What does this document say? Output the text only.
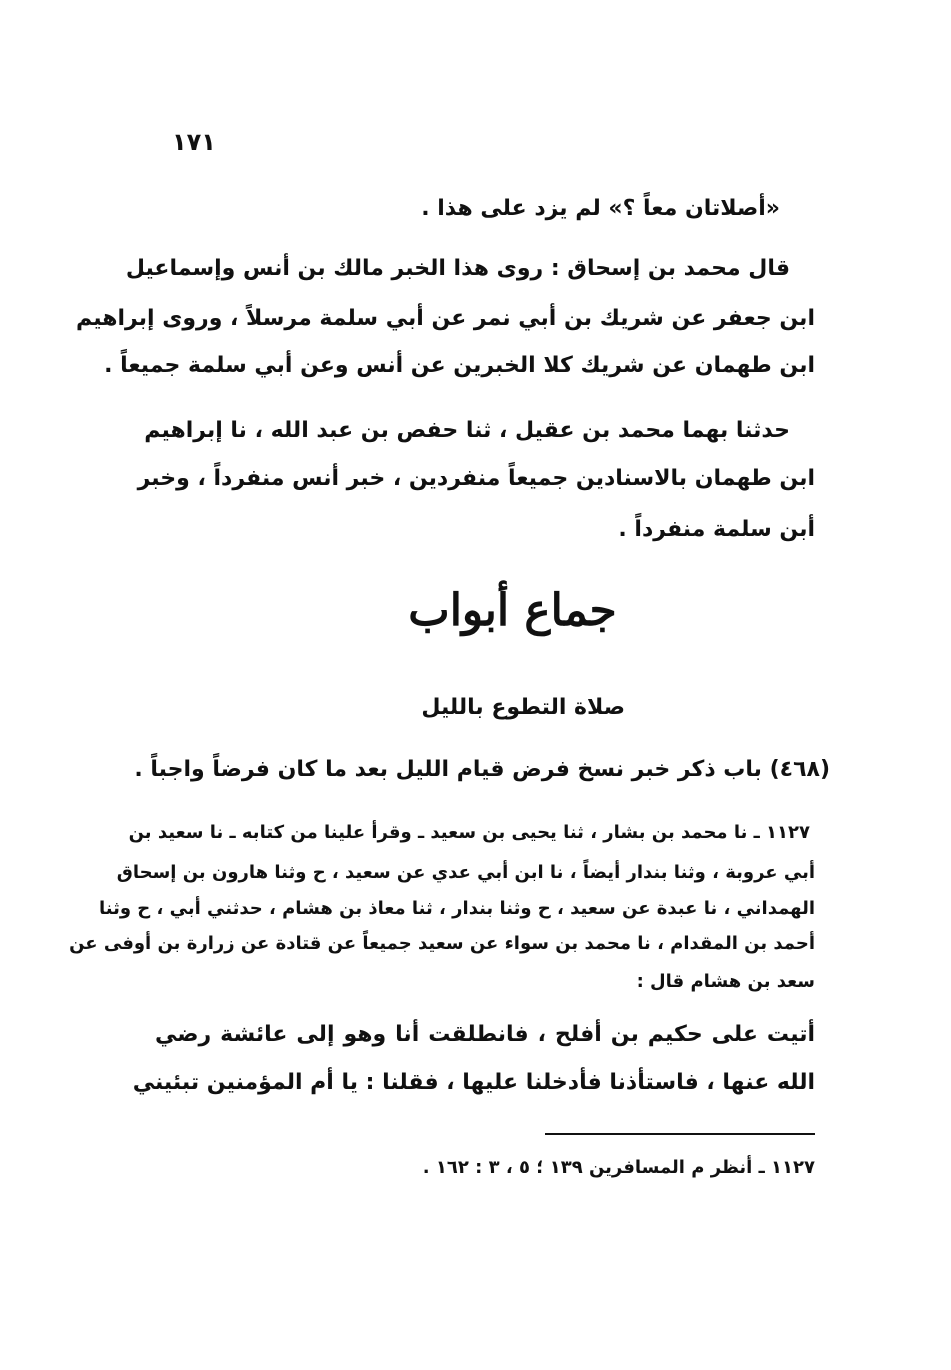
١٧١
«أصلاتان معاً ؟» لم يزد على هذا .
قال محمد بن إسحاق : روى هذا الخبر مالك بن أنس وإسماعيل
ابن جعفر عن شريك بن أبي نمر عن أبي سلمة مرسلاً ، وروى إبراهيم
ابن طهمان عن شريك كلا الخبرين عن أنس وعن أبي سلمة جميعاً .
حدثنا بهما محمد بن عقيل ، ثنا حفص بن عبد الله ، نا إبراهيم
ابن طهمان بالاسنادين جميعاً منفردين ، خبر أنس منفرداً ، وخبر
أبن سلمة منفرداً .
جماع أبواب
صلاة التطوع بالليل
(٤٦٨) باب ذكر خبر نسخ فرض قيام الليل بعد ما كان فرضاً واجباً .
١١٢٧ ـ نا محمد بن بشار ، ثنا يحيى بن سعيد ـ وقرأ علينا من كتابه ـ نا سعيد بن
أبي عروبة ، وثنا بندار أيضاً ، نا ابن أبي عدي عن سعيد ، ح وثنا هارون بن إسحاق
الهمداني ، نا عبدة عن سعيد ، ح وثنا بندار ، ثنا معاذ بن هشام ، حدثني أبي ، ح وثنا
أحمد بن المقدام ، نا محمد بن سواء عن سعيد جميعاً عن قتادة عن زرارة بن أوفى عن
سعد بن هشام قال :
أتيت على حكيم بن أفلح ، فانطلقت أنا وهو إلى عائشة رضي
الله عنها ، فاستأذنا فأدخلنا عليها ، فقلنا : يا أم المؤمنين تبئيني
١١٢٧ ـ أنظر م المسافرين ١٣٩ ؛ ٥ ، ٣ : ١٦٢ .
